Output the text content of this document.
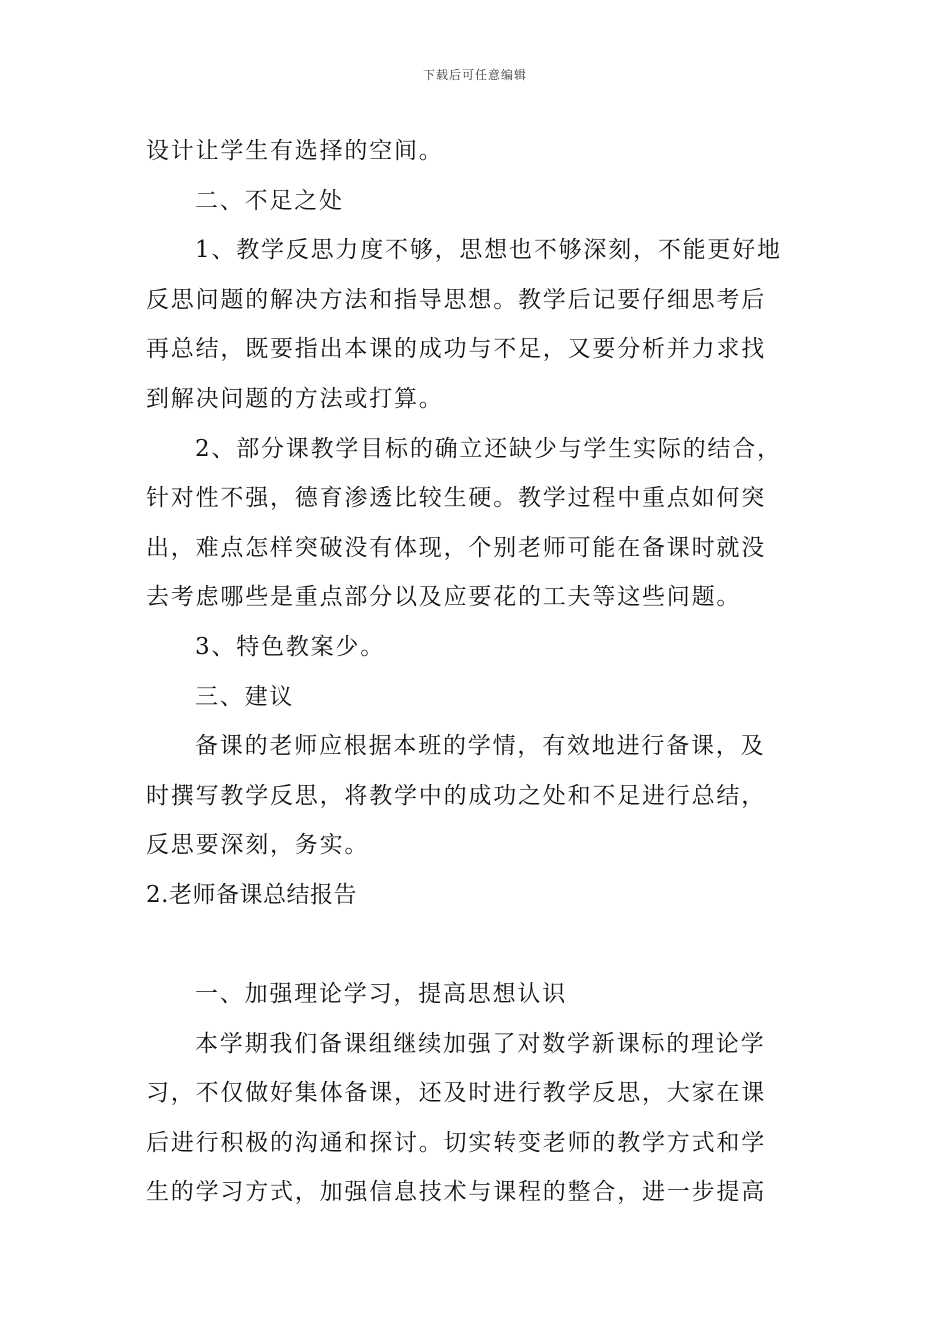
下载后可任意编辑
设计让学生有选择的空间。
二、不足之处
1、教学反思力度不够，思想也不够深刻，不能更好地
反思问题的解决方法和指导思想。教学后记要仔细思考后
再总结，既要指出本课的成功与不足，又要分析并力求找
到解决问题的方法或打算。
2、部分课教学目标的确立还缺少与学生实际的结合，
针对性不强，德育渗透比较生硬。教学过程中重点如何突
出，难点怎样突破没有体现，个别老师可能在备课时就没
去考虑哪些是重点部分以及应要花的工夫等这些问题。
3、特色教案少。
三、建议
备课的老师应根据本班的学情，有效地进行备课，及
时撰写教学反思，将教学中的成功之处和不足进行总结，
反思要深刻，务实。
2.老师备课总结报告
一、加强理论学习，提高思想认识
本学期我们备课组继续加强了对数学新课标的理论学
习，不仅做好集体备课，还及时进行教学反思，大家在课
后进行积极的沟通和探讨。切实转变老师的教学方式和学
生的学习方式，加强信息技术与课程的整合，进一步提高
